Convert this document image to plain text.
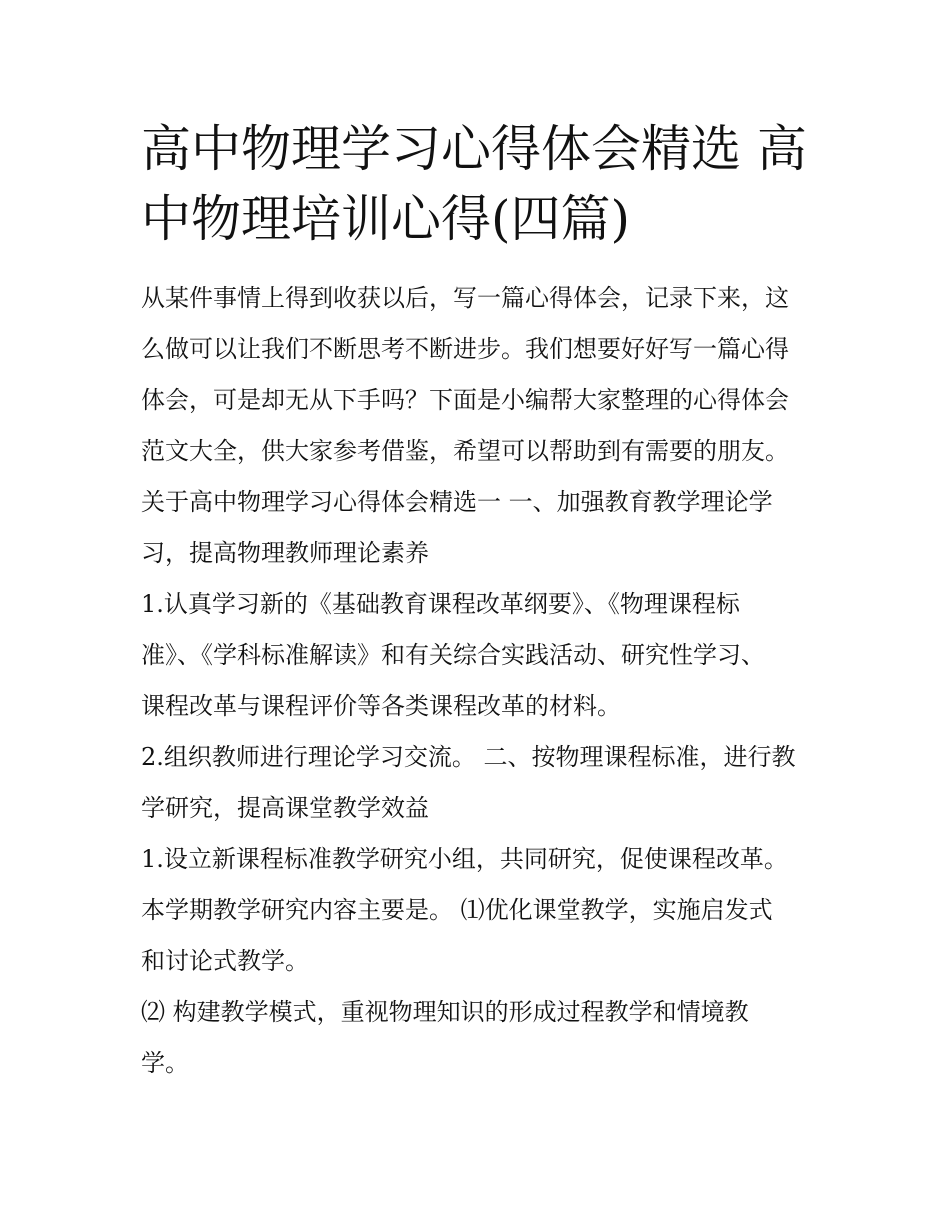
高中物理学习心得体会精选 高
中物理培训心得(四篇)
从某件事情上得到收获以后，写一篇心得体会，记录下来，这
么做可以让我们不断思考不断进步。我们想要好好写一篇心得
体会，可是却无从下手吗？下面是小编帮大家整理的心得体会
范文大全，供大家参考借鉴，希望可以帮助到有需要的朋友。
关于高中物理学习心得体会精选一 一、加强教育教学理论学
习，提高物理教师理论素养
1.认真学习新的《基础教育课程改革纲要》、《物理课程标
准》、《学科标准解读》和有关综合实践活动、研究性学习、
课程改革与课程评价等各类课程改革的材料。
2.组织教师进行理论学习交流。 二、按物理课程标准，进行教
学研究，提高课堂教学效益
1.设立新课程标准教学研究小组，共同研究，促使课程改革。
本学期教学研究内容主要是。 ⑴优化课堂教学，实施启发式
和讨论式教学。
⑵ 构建教学模式，重视物理知识的形成过程教学和情境教
学。
